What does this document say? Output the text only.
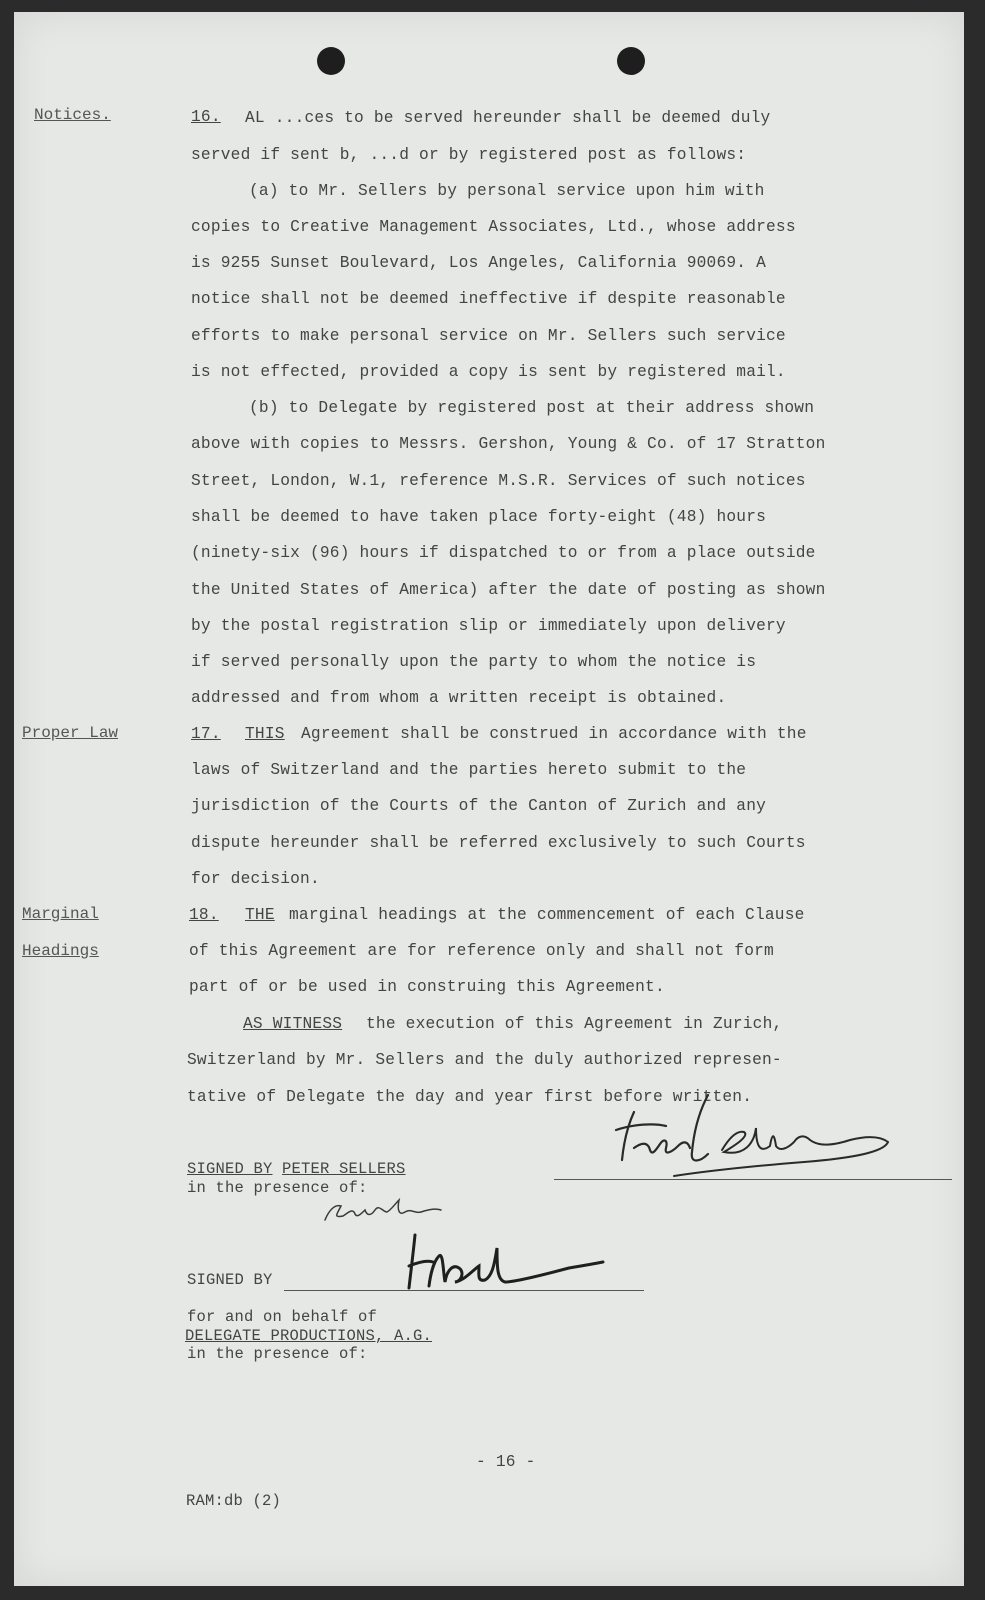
Notices.
Proper Law
Marginal
Headings
16. AL ...ces to be served hereunder shall be deemed duly
served if sent b, ...d or by registered post as follows:
(a) to Mr. Sellers by personal service upon him with
copies to Creative Management Associates, Ltd., whose address
is 9255 Sunset Boulevard, Los Angeles, California 90069. A
notice shall not be deemed ineffective if despite reasonable
efforts to make personal service on Mr. Sellers such service
is not effected, provided a copy is sent by registered mail.
(b) to Delegate by registered post at their address shown
above with copies to Messrs. Gershon, Young & Co. of 17 Stratton
Street, London, W.1, reference M.S.R. Services of such notices
shall be deemed to have taken place forty-eight (48) hours
(ninety-six (96) hours if dispatched to or from a place outside
the United States of America) after the date of posting as shown
by the postal registration slip or immediately upon delivery
if served personally upon the party to whom the notice is
addressed and from whom a written receipt is obtained.
17. THIS Agreement shall be construed in accordance with the
laws of Switzerland and the parties hereto submit to the
jurisdiction of the Courts of the Canton of Zurich and any
dispute hereunder shall be referred exclusively to such Courts
for decision.
18. THE marginal headings at the commencement of each Clause
of this Agreement are for reference only and shall not form
part of or be used in construing this Agreement.
AS WITNESS the execution of this Agreement in Zurich,
Switzerland by Mr. Sellers and the duly authorized represen-
tative of Delegate the day and year first before written.
SIGNED BY PETER SELLERS
in the presence of:
SIGNED BY
for and on behalf of
DELEGATE PRODUCTIONS, A.G.
in the presence of:
- 16 -
RAM:db (2)
